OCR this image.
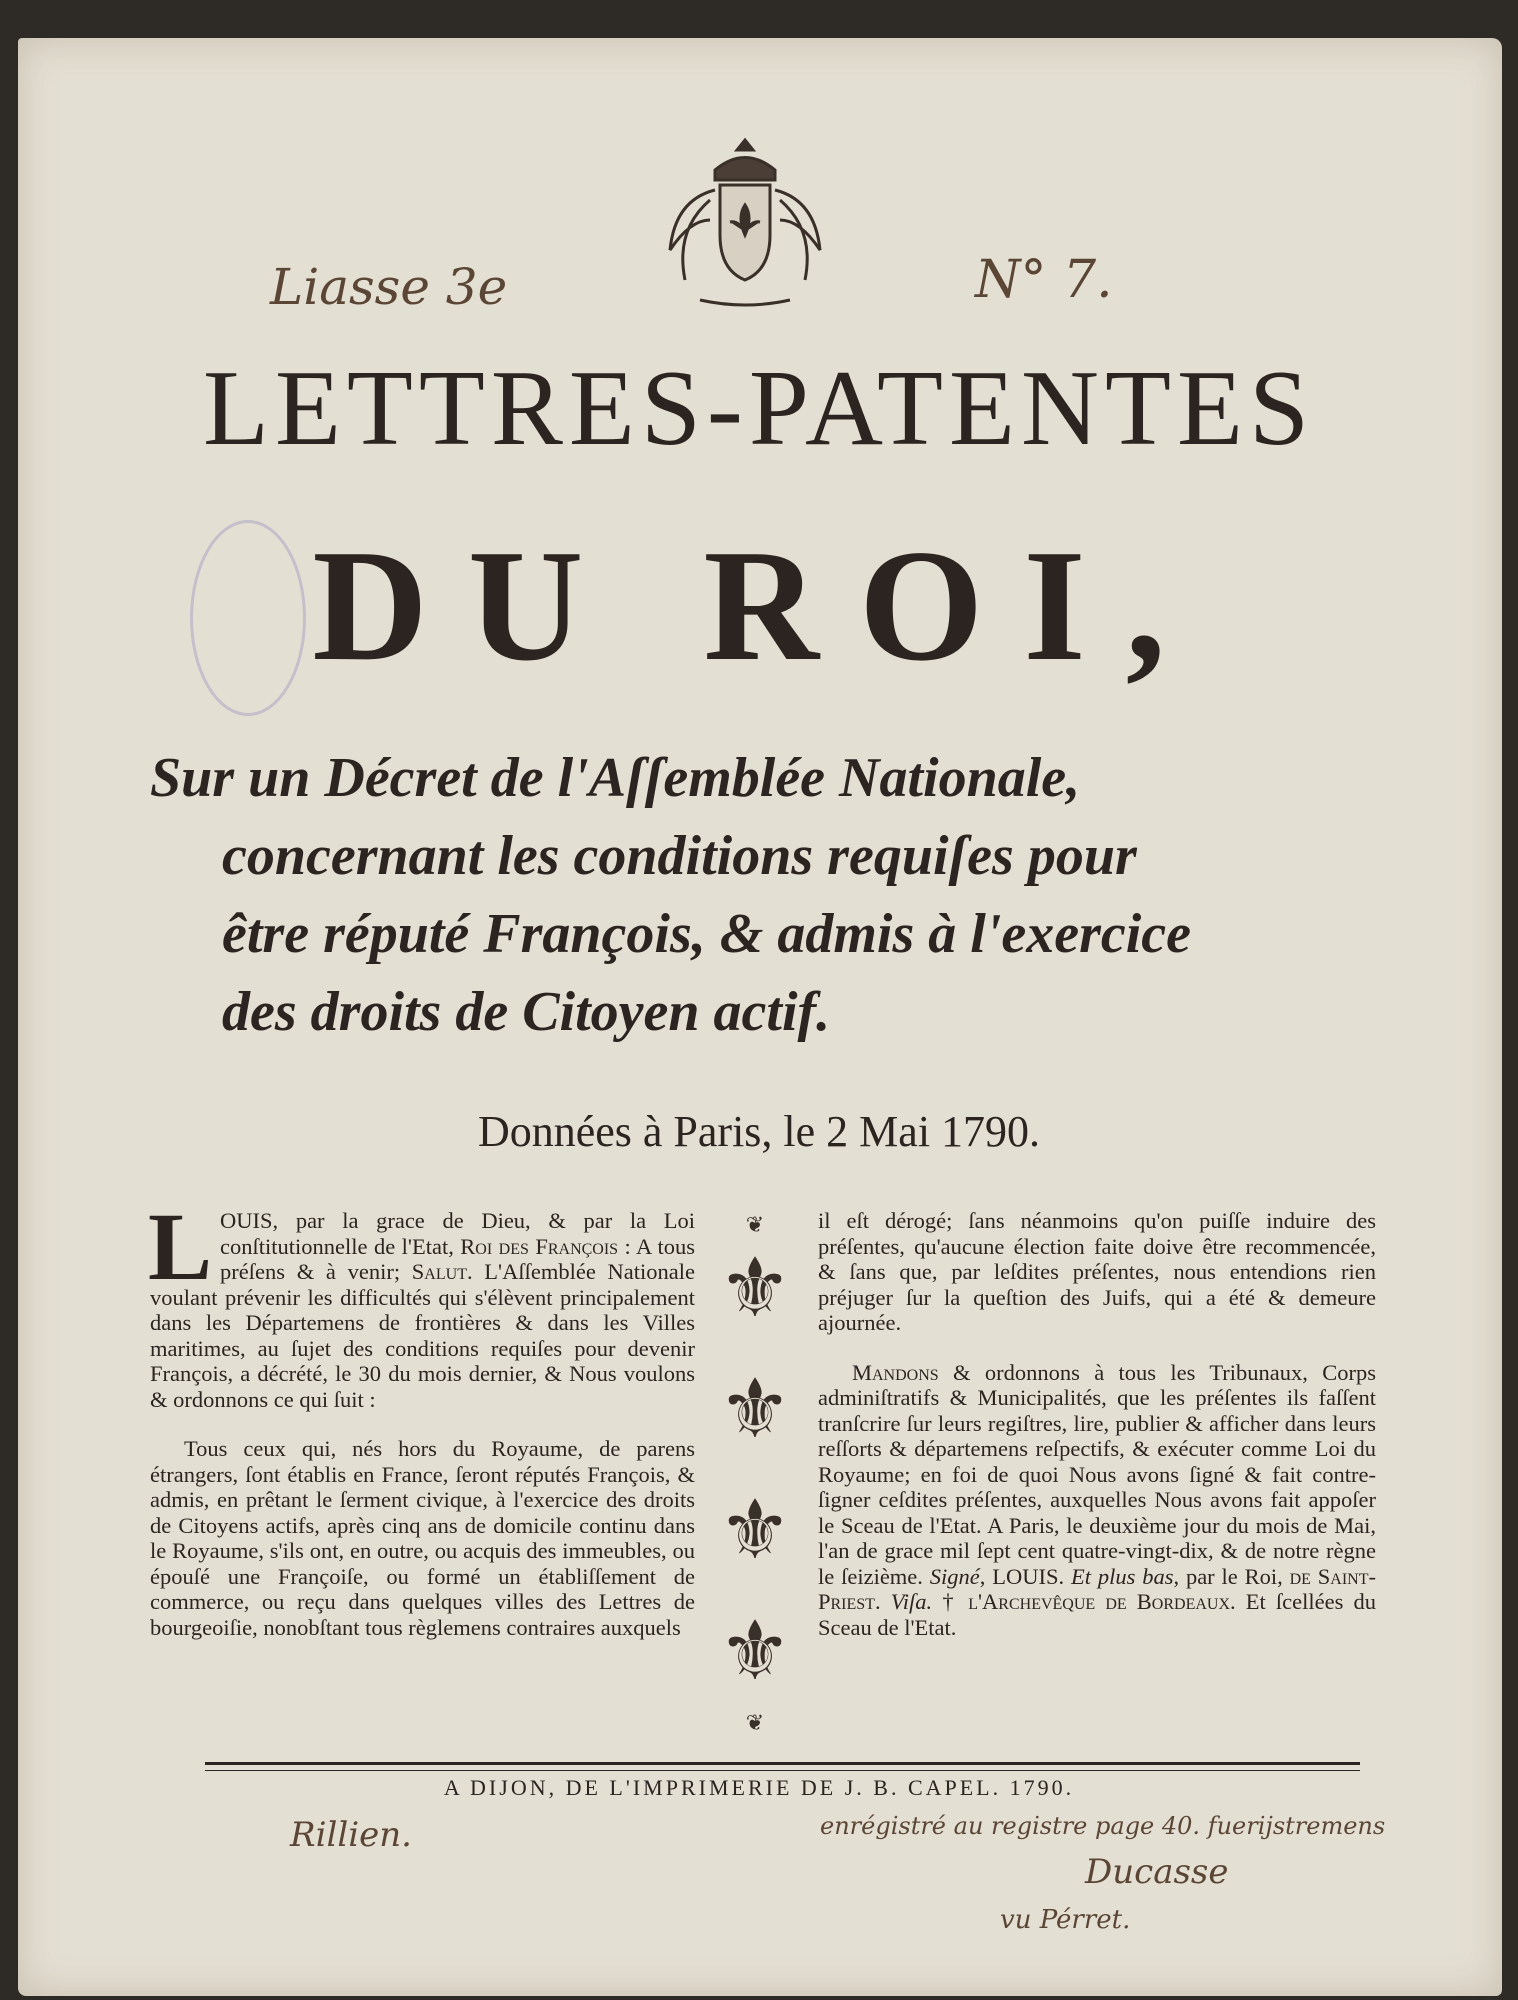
Liasse 3e	N° 7.
LETTRES-PATENTES
DU ROI,
Sur un Décret de l'Aſſemblée Nationale,
concernant les conditions requiſes pour
être réputé François, & admis à l'exercice
des droits de Citoyen actif.
Données à Paris, le 2 Mai 1790.

LOUIS, par la grace de Dieu, & par la Loi conſtitutionnelle de l'Etat, Roi des François : A tous préſens & à venir; Salut. L'Aſſemblée Nationale voulant prévenir les difficultés qui s'élèvent principalement dans les Départemens de frontières & dans les Villes maritimes, au ſujet des conditions requiſes pour devenir François, a décrété, le 30 du mois dernier, & Nous voulons & ordonnons ce qui ſuit :

Tous ceux qui, nés hors du Royaume, de parens étrangers, ſont établis en France, ſeront réputés François, & admis, en prêtant le ſerment civique, à l'exercice des droits de Citoyens actifs, après cinq ans de domicile continu dans le Royaume, s'ils ont, en outre, ou acquis des immeubles, ou épouſé une Françoiſe, ou formé un établiſſement de commerce, ou reçu dans quelques villes des Lettres de bourgeoiſie, nonobſtant tous règlemens contraires auxquels

❦
⚜
⚜
⚜
⚜
❦

il eſt dérogé; ſans néanmoins qu'on puiſſe induire des préſentes, qu'aucune élection faite doive être recommencée, & ſans que, par leſdites préſentes, nous entendions rien préjuger ſur la queſtion des Juifs, qui a été & demeure ajournée.

Mandons & ordonnons à tous les Tribunaux, Corps adminiſtratifs & Municipalités, que les préſentes ils faſſent tranſcrire ſur leurs regiſtres, lire, publier & afficher dans leurs reſſorts & départemens reſpectifs, & exécuter comme Loi du Royaume; en foi de quoi Nous avons ſigné & fait contre-ſigner ceſdites préſentes, auxquelles Nous avons fait appoſer le Sceau de l'Etat. A Paris, le deuxième jour du mois de Mai, l'an de grace mil ſept cent quatre-vingt-dix, & de notre règne le ſeizième. Signé, LOUIS. Et plus bas, par le Roi, de Saint-Priest. Viſa. † l'Archevêque de Bordeaux. Et ſcellées du Sceau de l'Etat.

A DIJON, DE L'IMPRIMERIE DE J. B. CAPEL. 1790.
Rillien.	enrégistré au registre page 40. fuerijstremens
Ducasse
vu Pérret.
